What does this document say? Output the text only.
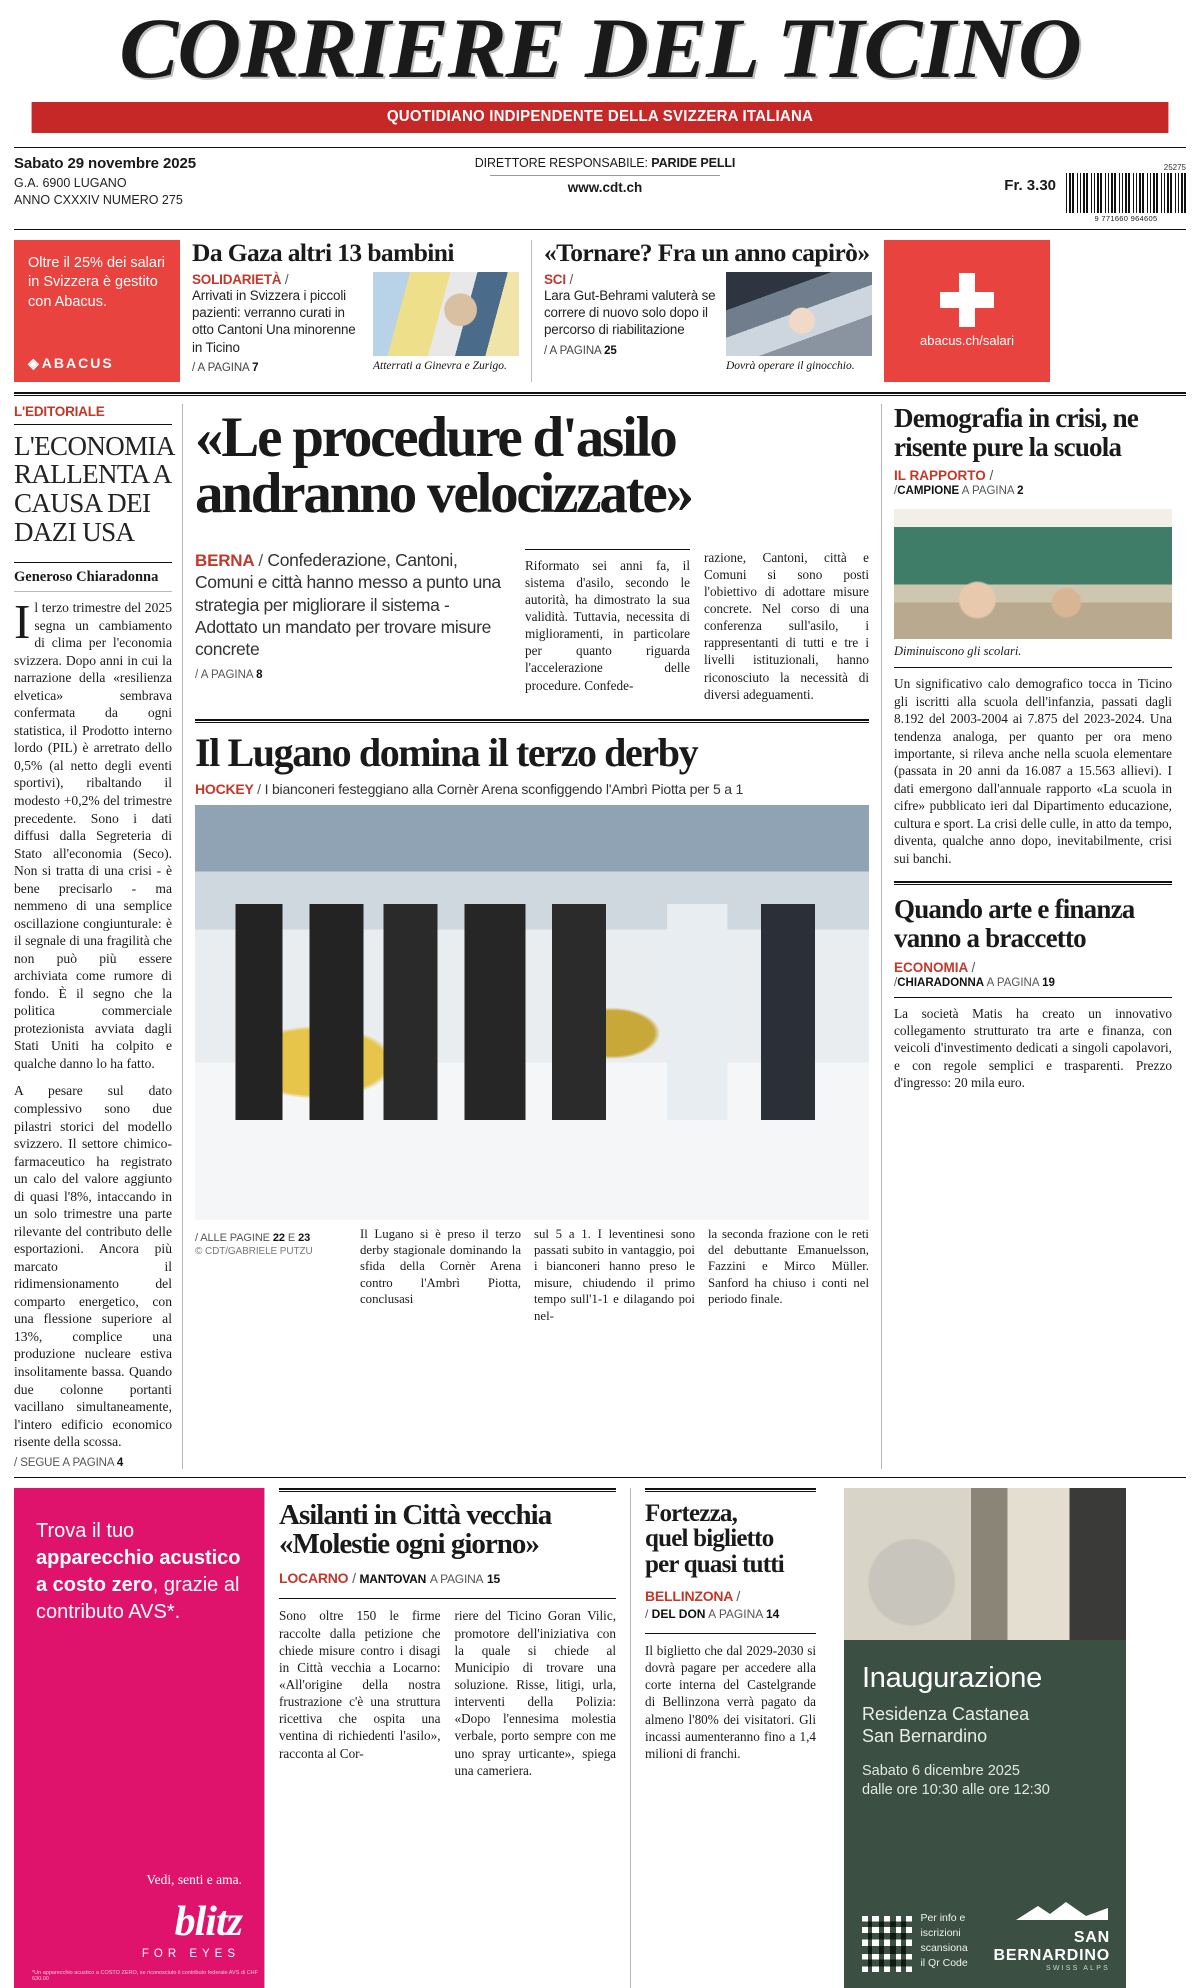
CORRIERE DEL TICINO
QUOTIDIANO INDIPENDENTE DELLA SVIZZERA ITALIANA
Sabato 29 novembre 2025
G.A. 6900 LUGANO
ANNO CXXXIV NUMERO 275
DIRETTORE RESPONSABILE: PARIDE PELLI
www.cdt.ch	Fr. 3.30
25275
9 771660 964605
Oltre il 25% dei salari in Svizzera è gestito con Abacus.
◈ ABACUS
Da Gaza altri 13 bambini
SOLIDARIETÀ /
Arrivati in Svizzera i piccoli pazienti: verranno curati in otto Cantoni Una minorenne in Ticino
/ A PAGINA 7	Atterrati a Ginevra e Zurigo.
«Tornare? Fra un anno capirò»
SCI /
Lara Gut-Behrami valuterà se correre di nuovo solo dopo il percorso di riabilitazione
/ A PAGINA 25
Dovrà operare il ginocchio.
abacus.ch/salari
L'EDITORIALE
L'ECONOMIA RALLENTA A CAUSA DEI DAZI USA
Generoso Chiaradonna

Il terzo trimestre del 2025 segna un cambiamento di clima per l'economia svizzera. Dopo anni in cui la narrazione della «resilienza elvetica» sembrava confermata da ogni statistica, il Prodotto interno lordo (PIL) è arretrato dello 0,5% (al netto degli eventi sportivi), ribaltando il modesto +0,2% del trimestre precedente. Sono i dati diffusi dalla Segreteria di Stato all'economia (Seco). Non si tratta di una crisi - è bene precisarlo - ma nemmeno di una semplice oscillazione congiunturale: è il segnale di una fragilità che non può più essere archiviata come rumore di fondo. È il segno che la politica commerciale protezionista avviata dagli Stati Uniti ha colpito e qualche danno lo ha fatto.

A pesare sul dato complessivo sono due pilastri storici del modello svizzero. Il settore chimico-farmaceutico ha registrato un calo del valore aggiunto di quasi l'8%, intaccando in un solo trimestre una parte rilevante del contributo delle esportazioni. Ancora più marcato il ridimensionamento del comparto energetico, con una flessione superiore al 13%, complice una produzione nucleare estiva insolitamente bassa. Quando due colonne portanti vacillano simultaneamente, l'intero edificio economico risente della scossa.

/ SEGUE A PAGINA 4
«Le procedure d'asilo andranno velocizzate»
BERNA / Confederazione, Cantoni, Comuni e città hanno messo a punto una strategia per migliorare il sistema - Adottato un mandato per trovare misure concrete
/ A PAGINA 8
Riformato sei anni fa, il sistema d'asilo, secondo le autorità, ha dimostrato la sua validità. Tuttavia, necessita di miglioramenti, in particolare per quanto riguarda l'accelerazione delle procedure. Confede-
razione, Cantoni, città e Comuni si sono posti l'obiettivo di adottare misure concrete. Nel corso di una conferenza sull'asilo, i rappresentanti di tutti e tre i livelli istituzionali, hanno riconosciuto la necessità di diversi adeguamenti.
Il Lugano domina il terzo derby
HOCKEY / I bianconeri festeggiano alla Cornèr Arena sconfiggendo l'Ambrì Piotta per 5 a 1
/ ALLE PAGINE 22 E 23
© CDT/GABRIELE PUTZU
Il Lugano si è preso il terzo derby stagionale dominando la sfida della Cornèr Arena contro l'Ambrì Piotta, conclusasi
sul 5 a 1. I leventinesi sono passati subito in vantaggio, poi i bianconeri hanno preso le misure, chiudendo il primo tempo sull'1-1 e dilagando poi nel-
la seconda frazione con le reti del debuttante Emanuelsson, Fazzini e Mirco Müller. Sanford ha chiuso i conti nel periodo finale.
Demografia in crisi, ne risente pure la scuola
IL RAPPORTO /
/CAMPIONE A PAGINA 2
Diminuiscono gli scolari.
Un significativo calo demografico tocca in Ticino gli iscritti alla scuola dell'infanzia, passati dagli 8.192 del 2003-2004 ai 7.875 del 2023-2024. Una tendenza analoga, per quanto per ora meno importante, si rileva anche nella scuola elementare (passata in 20 anni da 16.087 a 15.563 allievi). I dati emergono dall'annuale rapporto «La scuola in cifre» pubblicato ieri dal Dipartimento educazione, cultura e sport. La crisi delle culle, in atto da tempo, diventa, qualche anno dopo, inevitabilmente, crisi sui banchi.
Quando arte e finanza vanno a braccetto
ECONOMIA /
/CHIARADONNA A PAGINA 19
La società Matis ha creato un innovativo collegamento strutturato tra arte e finanza, con veicoli d'investimento dedicati a singoli capolavori, e con regole semplici e trasparenti. Prezzo d'ingresso: 20 mila euro.
Trova il tuo
apparecchio acustico
a costo zero, grazie al
contributo AVS*.
Vedi, senti e ama.
blitz
FOR EYES
*Un apparecchio acustico a COSTO ZERO, se riconosciuto il contributo federale AVS di CHF 630.00
Asilanti in Città vecchia
«Molestie ogni giorno»
LOCARNO / MANTOVAN A PAGINA 15
Sono oltre 150 le firme raccolte dalla petizione che chiede misure contro i disagi in Città vecchia a Locarno: «All'origine della nostra frustrazione c'è una struttura ricettiva che ospita una ventina di richiedenti l'asilo», racconta al Cor-
riere del Ticino Goran Vilic, promotore dell'iniziativa con la quale si chiede al Municipio di trovare una soluzione. Risse, litigi, urla, interventi della Polizia: «Dopo l'ennesima molestia verbale, porto sempre con me uno spray urticante», spiega una cameriera.
Fortezza,
quel biglietto
per quasi tutti
BELLINZONA /
/ DEL DON A PAGINA 14
Il biglietto che dal 2029-2030 si dovrà pagare per accedere alla corte interna del Castelgrande di Bellinzona verrà pagato da almeno l'80% dei visitatori. Gli incassi aumenteranno fino a 1,4 milioni di franchi.
Inaugurazione
Residenza Castanea
San Bernardino
Sabato 6 dicembre 2025
dalle ore 10:30 alle ore 12:30
Per info e
iscrizioni
scansiona
il Qr Code
SAN BERNARDINO
SWISS ALPS
